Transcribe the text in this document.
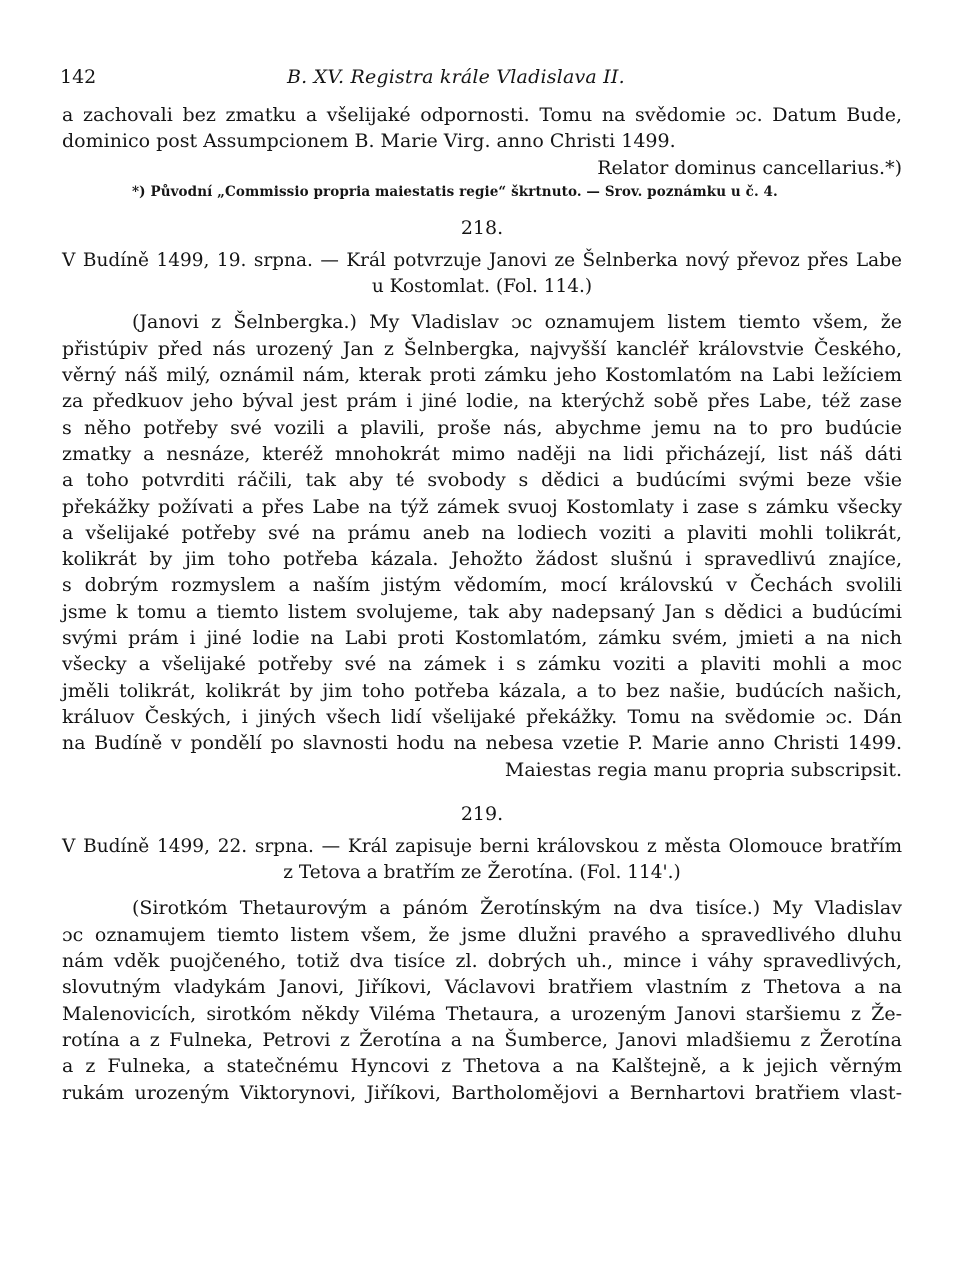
142	B. XV. Registra krále Vladislava II.
a zachovali bez zmatku a všelijaké odpornosti. Tomu na svědomie ɔc. Datum Bude,
dominico post Assumpcionem B. Marie Virg. anno Christi 1499.
Relator dominus cancellarius.*)
*) Původní „Commissio propria maiestatis regie“ škrtnuto. — Srov. poznámku u č. 4.
218.
V Budíně 1499, 19. srpna. — Král potvrzuje Janovi ze Šelnberka nový převoz přes Labe
u Kostomlat. (Fol. 114.)
(Janovi z Šelnbergka.) My Vladislav ɔc oznamujem listem tiemto všem, že
přistúpiv před nás urozený Jan z Šelnbergka, najvyšší kancléř královstvie Českého,
věrný náš milý, oznámil nám, kterak proti zámku jeho Kostomlatóm na Labi ležíciem
za předkuov jeho býval jest prám i jiné lodie, na kterýchž sobě přes Labe, též zase
s něho potřeby své vozili a plavili, proše nás, abychme jemu na to pro budúcie
zmatky a nesnáze, kteréž mnohokrát mimo naději na lidi přicházejí, list náš dáti
a toho potvrditi ráčili, tak aby té svobody s dědici a budúcími svými beze všie
překážky požívati a přes Labe na týž zámek svuoj Kostomlaty i zase s zámku všecky
a všelijaké potřeby své na prámu aneb na lodiech voziti a plaviti mohli tolikrát,
kolikrát by jim toho potřeba kázala. Jehožto žádost slušnú i spravedlivú znajíce,
s dobrým rozmyslem a naším jistým vědomím, mocí královskú v Čechách svolili
jsme k tomu a tiemto listem svolujeme, tak aby nadepsaný Jan s dědici a budúcími
svými prám i jiné lodie na Labi proti Kostomlatóm, zámku svém, jmieti a na nich
všecky a všelijaké potřeby své na zámek i s zámku voziti a plaviti mohli a moc
jměli tolikrát, kolikrát by jim toho potřeba kázala, a to bez našie, budúcích našich,
králuov Českých, i jiných všech lidí všelijaké překážky. Tomu na svědomie ɔc. Dán
na Budíně v pondělí po slavnosti hodu na nebesa vzetie P. Marie anno Christi 1499.
Maiestas regia manu propria subscripsit.
219.
V Budíně 1499, 22. srpna. — Král zapisuje berni královskou z města Olomouce bratřím
z Tetova a bratřím ze Žerotína. (Fol. 114'.)
(Sirotkóm Thetaurovým a pánóm Žerotínským na dva tisíce.) My Vladislav
ɔc oznamujem tiemto listem všem, že jsme dlužni pravého a spravedlivého dluhu
nám vděk puojčeného, totiž dva tisíce zl. dobrých uh., mince i váhy spravedlivých,
slovutným vladykám Janovi, Jiříkovi, Václavovi bratřiem vlastním z Thetova a na
Malenovicích, sirotkóm někdy Viléma Thetaura, a urozeným Janovi staršiemu z Že-
rotína a z Fulneka, Petrovi z Žerotína a na Šumberce, Janovi mladšiemu z Žerotína
a z Fulneka, a statečnému Hyncovi z Thetova a na Kalštejně, a k jejich věrným
rukám urozeným Viktorynovi, Jiříkovi, Bartholomějovi a Bernhartovi bratřiem vlast-
